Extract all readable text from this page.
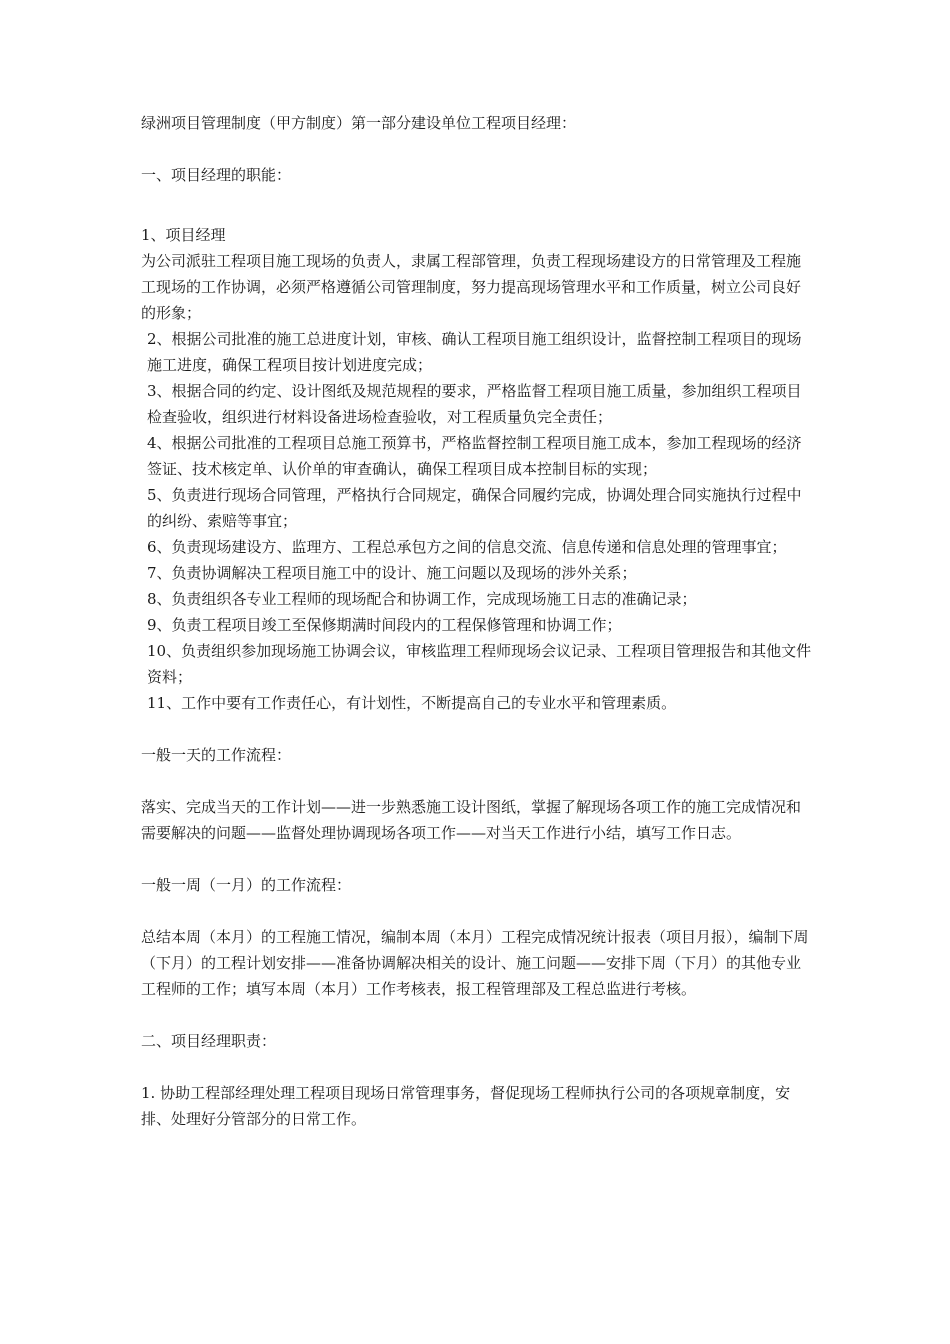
绿洲项目管理制度（甲方制度）第一部分建设单位工程项目经理：

一、项目经理的职能：

1、项目经理

为公司派驻工程项目施工现场的负责人，隶属工程部管理，负责工程现场建设方的日常管理及工程施工现场的工作协调，必须严格遵循公司管理制度，努力提高现场管理水平和工作质量，树立公司良好的形象；

2、根据公司批准的施工总进度计划，审核、确认工程项目施工组织设计，监督控制工程项目的现场施工进度，确保工程项目按计划进度完成；

3、根据合同的约定、设计图纸及规范规程的要求，严格监督工程项目施工质量，参加组织工程项目检查验收，组织进行材料设备进场检查验收，对工程质量负完全责任；

4、根据公司批准的工程项目总施工预算书，严格监督控制工程项目施工成本，参加工程现场的经济签证、技术核定单、认价单的审查确认，确保工程项目成本控制目标的实现；

5、负责进行现场合同管理，严格执行合同规定，确保合同履约完成，协调处理合同实施执行过程中的纠纷、索赔等事宜；

6、负责现场建设方、监理方、工程总承包方之间的信息交流、信息传递和信息处理的管理事宜；

7、负责协调解决工程项目施工中的设计、施工问题以及现场的涉外关系；

8、负责组织各专业工程师的现场配合和协调工作，完成现场施工日志的准确记录；

9、负责工程项目竣工至保修期满时间段内的工程保修管理和协调工作；

10、负责组织参加现场施工协调会议，审核监理工程师现场会议记录、工程项目管理报告和其他文件资料；

11、工作中要有工作责任心，有计划性，不断提高自己的专业水平和管理素质。

一般一天的工作流程：

落实、完成当天的工作计划——进一步熟悉施工设计图纸，掌握了解现场各项工作的施工完成情况和需要解决的问题——监督处理协调现场各项工作——对当天工作进行小结，填写工作日志。

一般一周（一月）的工作流程：

总结本周（本月）的工程施工情况，编制本周（本月）工程完成情况统计报表（项目月报），编制下周（下月）的工程计划安排——准备协调解决相关的设计、施工问题——安排下周（下月）的其他专业工程师的工作；填写本周（本月）工作考核表，报工程管理部及工程总监进行考核。

二、项目经理职责：

1. 协助工程部经理处理工程项目现场日常管理事务，督促现场工程师执行公司的各项规章制度，安排、处理好分管部分的日常工作。
